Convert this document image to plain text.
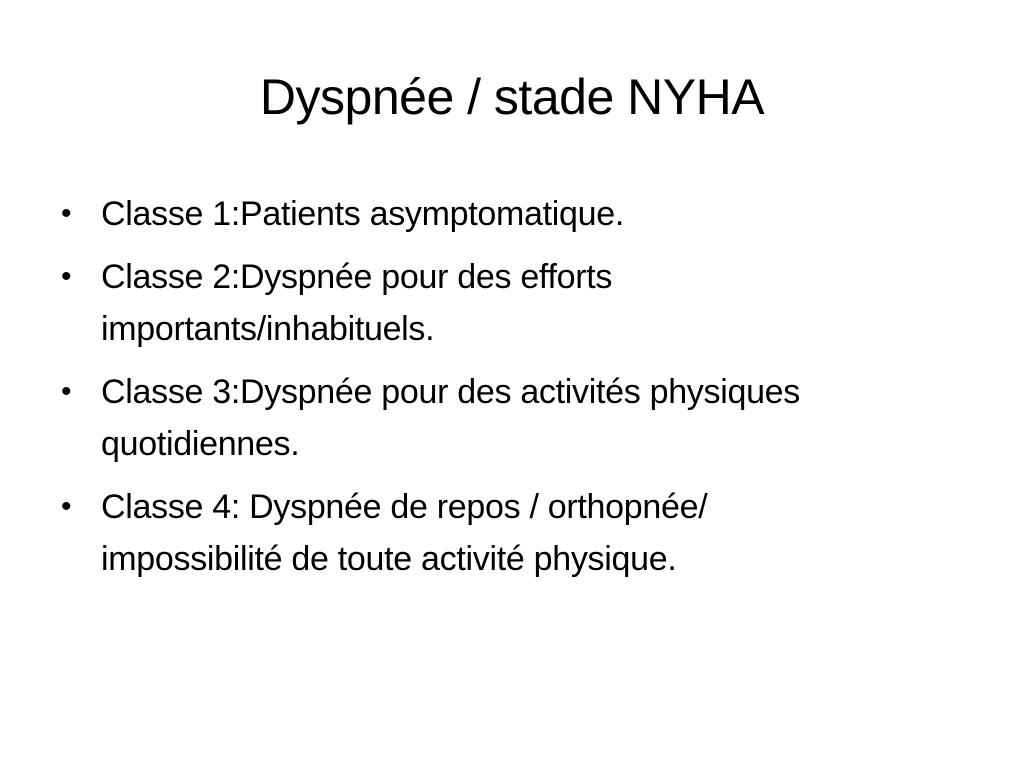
Dyspnée / stade NYHA
• Classe 1:Patients asymptomatique.
• Classe 2:Dyspnée pour des efforts
importants/inhabituels.
• Classe 3:Dyspnée pour des activités physiques
quotidiennes.
• Classe 4: Dyspnée de repos / orthopnée/
impossibilité de toute activité physique.
